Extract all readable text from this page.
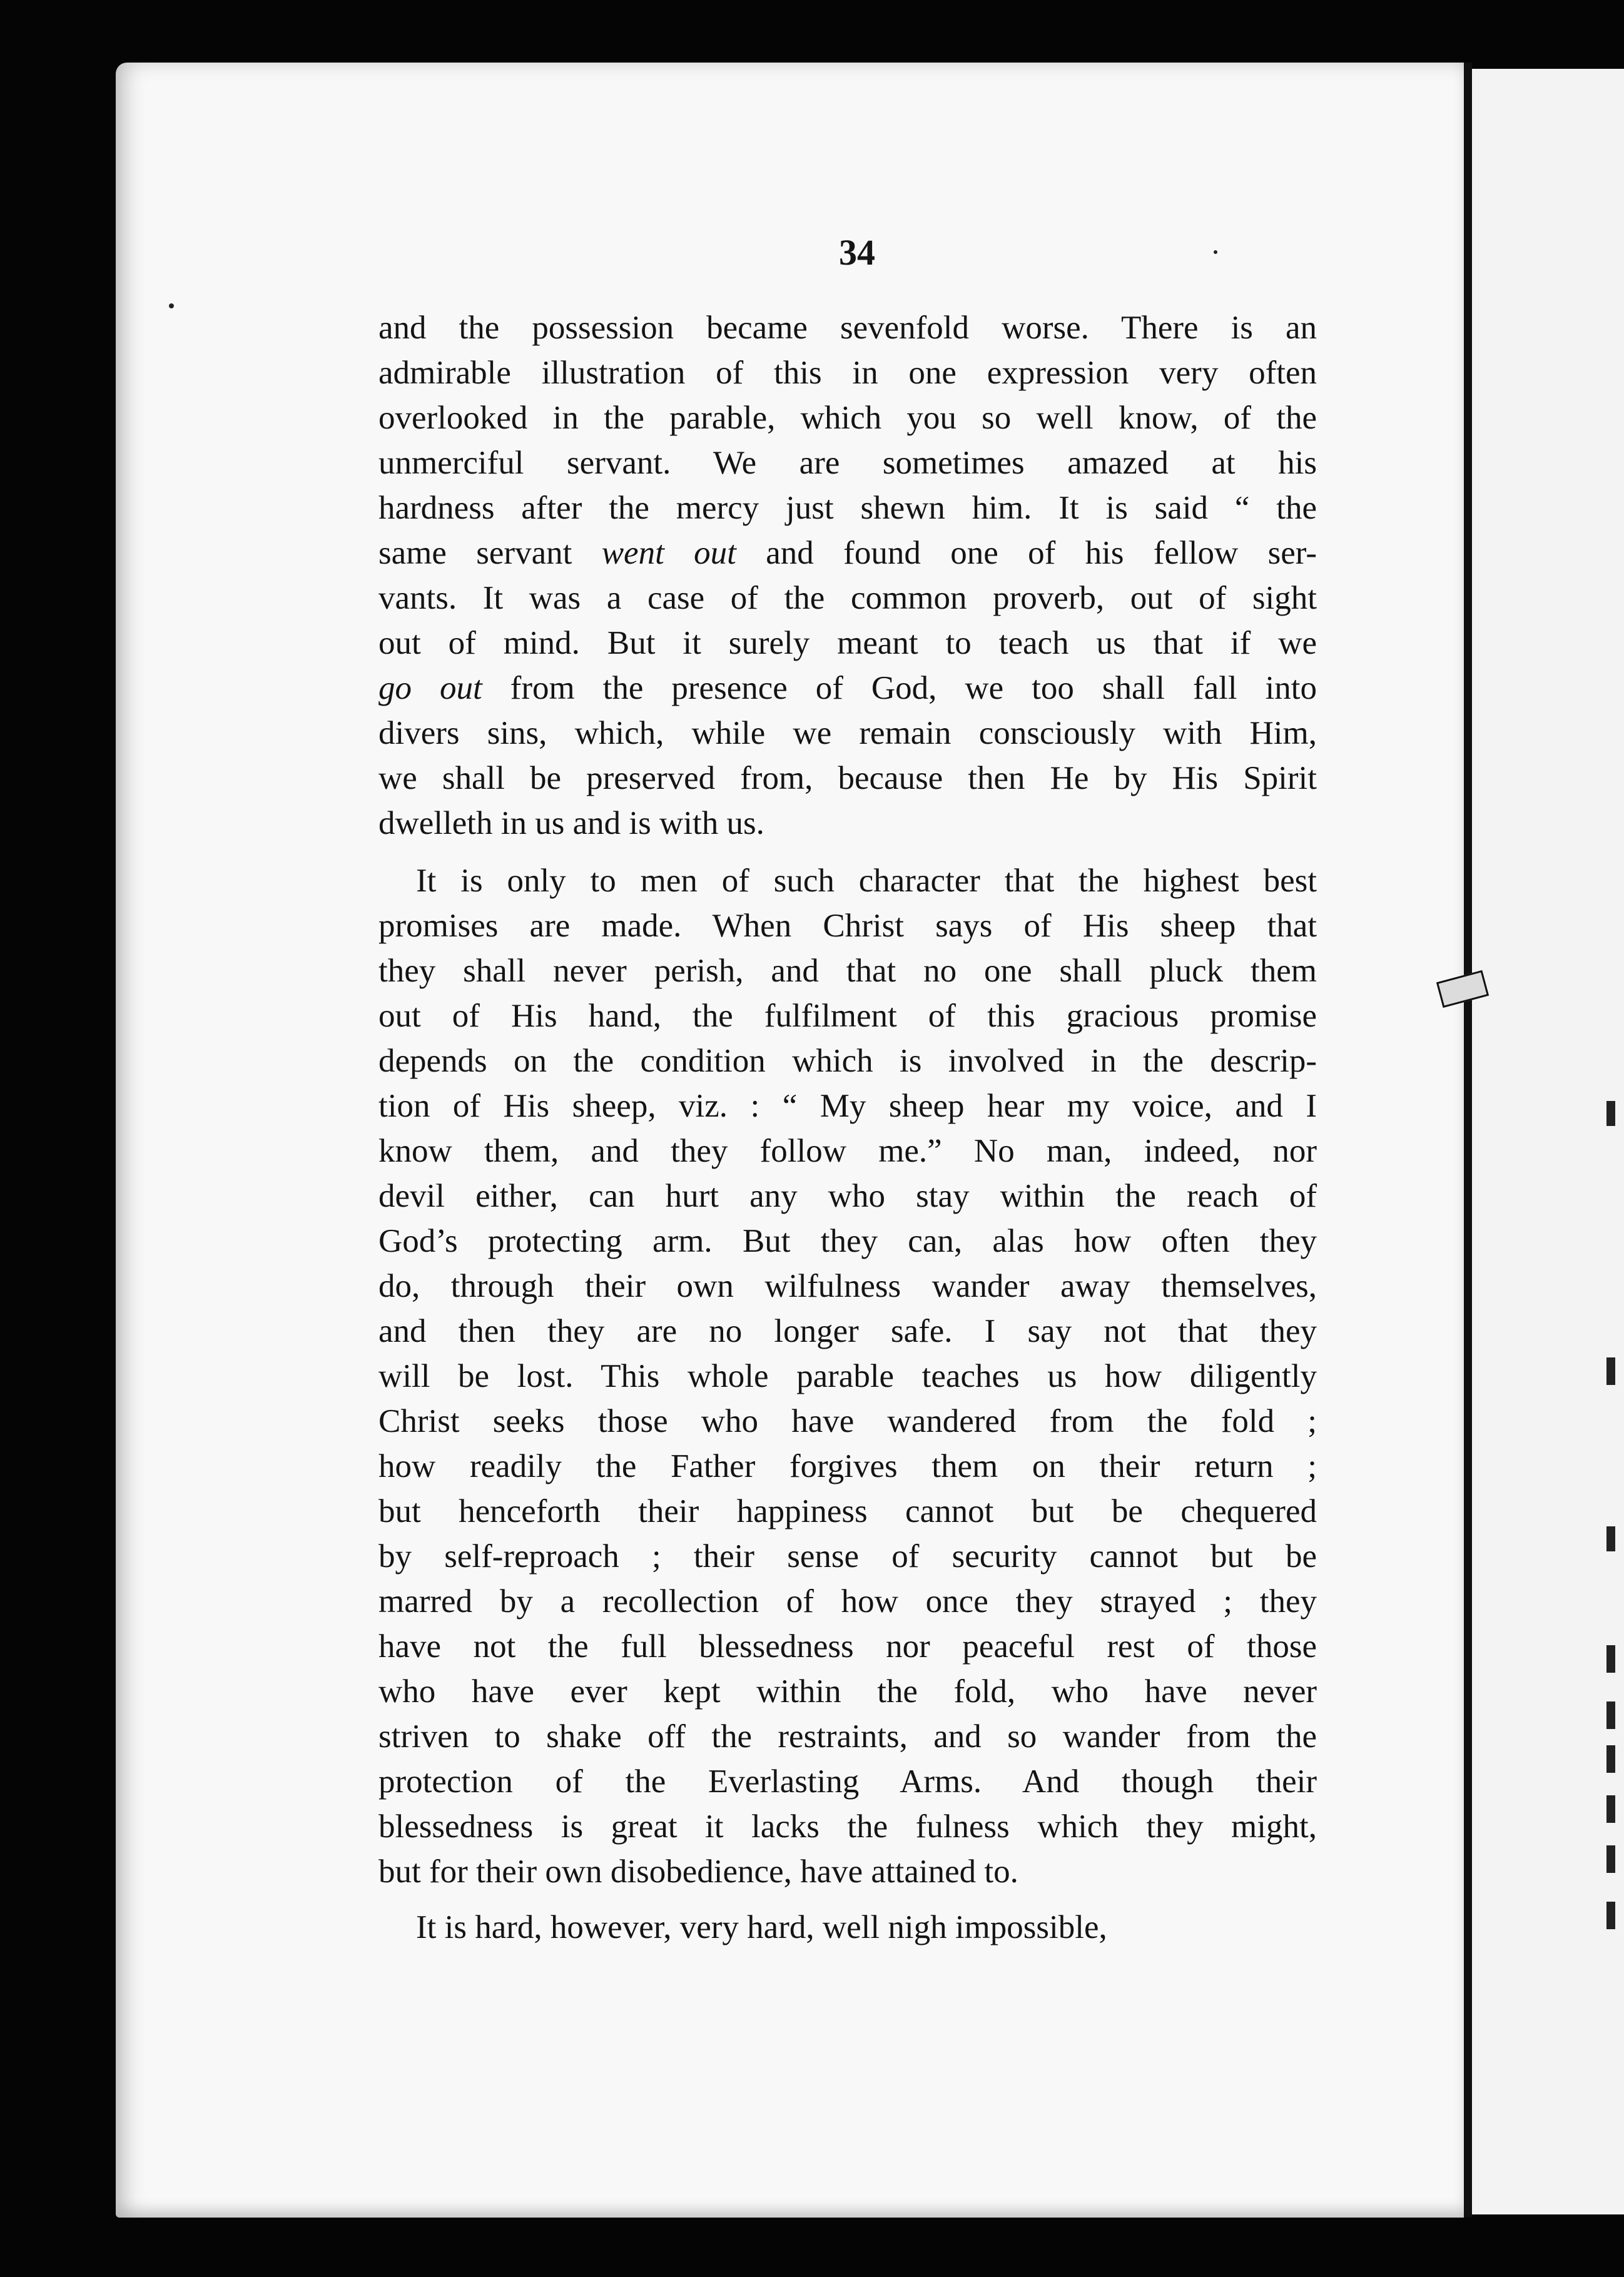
34
and the possession became sevenfold worse. There is an
admirable illustration of this in one expression very often
overlooked in the parable, which you so well know, of the
unmerciful servant. We are sometimes amazed at his
hardness after the mercy just shewn him. It is said “ the
same servant went out and found one of his fellow ser-
vants. It was a case of the common proverb, out of sight
out of mind. But it surely meant to teach us that if we
go out from the presence of God, we too shall fall into
divers sins, which, while we remain consciously with Him,
we shall be preserved from, because then He by His Spirit
dwelleth in us and is with us.
It is only to men of such character that the highest best
promises are made. When Christ says of His sheep that
they shall never perish, and that no one shall pluck them
out of His hand, the fulfilment of this gracious promise
depends on the condition which is involved in the descrip-
tion of His sheep, viz. : “ My sheep hear my voice, and I
know them, and they follow me.” No man, indeed, nor
devil either, can hurt any who stay within the reach of
God’s protecting arm. But they can, alas how often they
do, through their own wilfulness wander away themselves,
and then they are no longer safe. I say not that they
will be lost. This whole parable teaches us how diligently
Christ seeks those who have wandered from the fold ;
how readily the Father forgives them on their return ;
but henceforth their happiness cannot but be chequered
by self-reproach ; their sense of security cannot but be
marred by a recollection of how once they strayed ; they
have not the full blessedness nor peaceful rest of those
who have ever kept within the fold, who have never
striven to shake off the restraints, and so wander from the
protection of the Everlasting Arms. And though their
blessedness is great it lacks the fulness which they might,
but for their own disobedience, have attained to.
It is hard, however, very hard, well nigh impossible,
